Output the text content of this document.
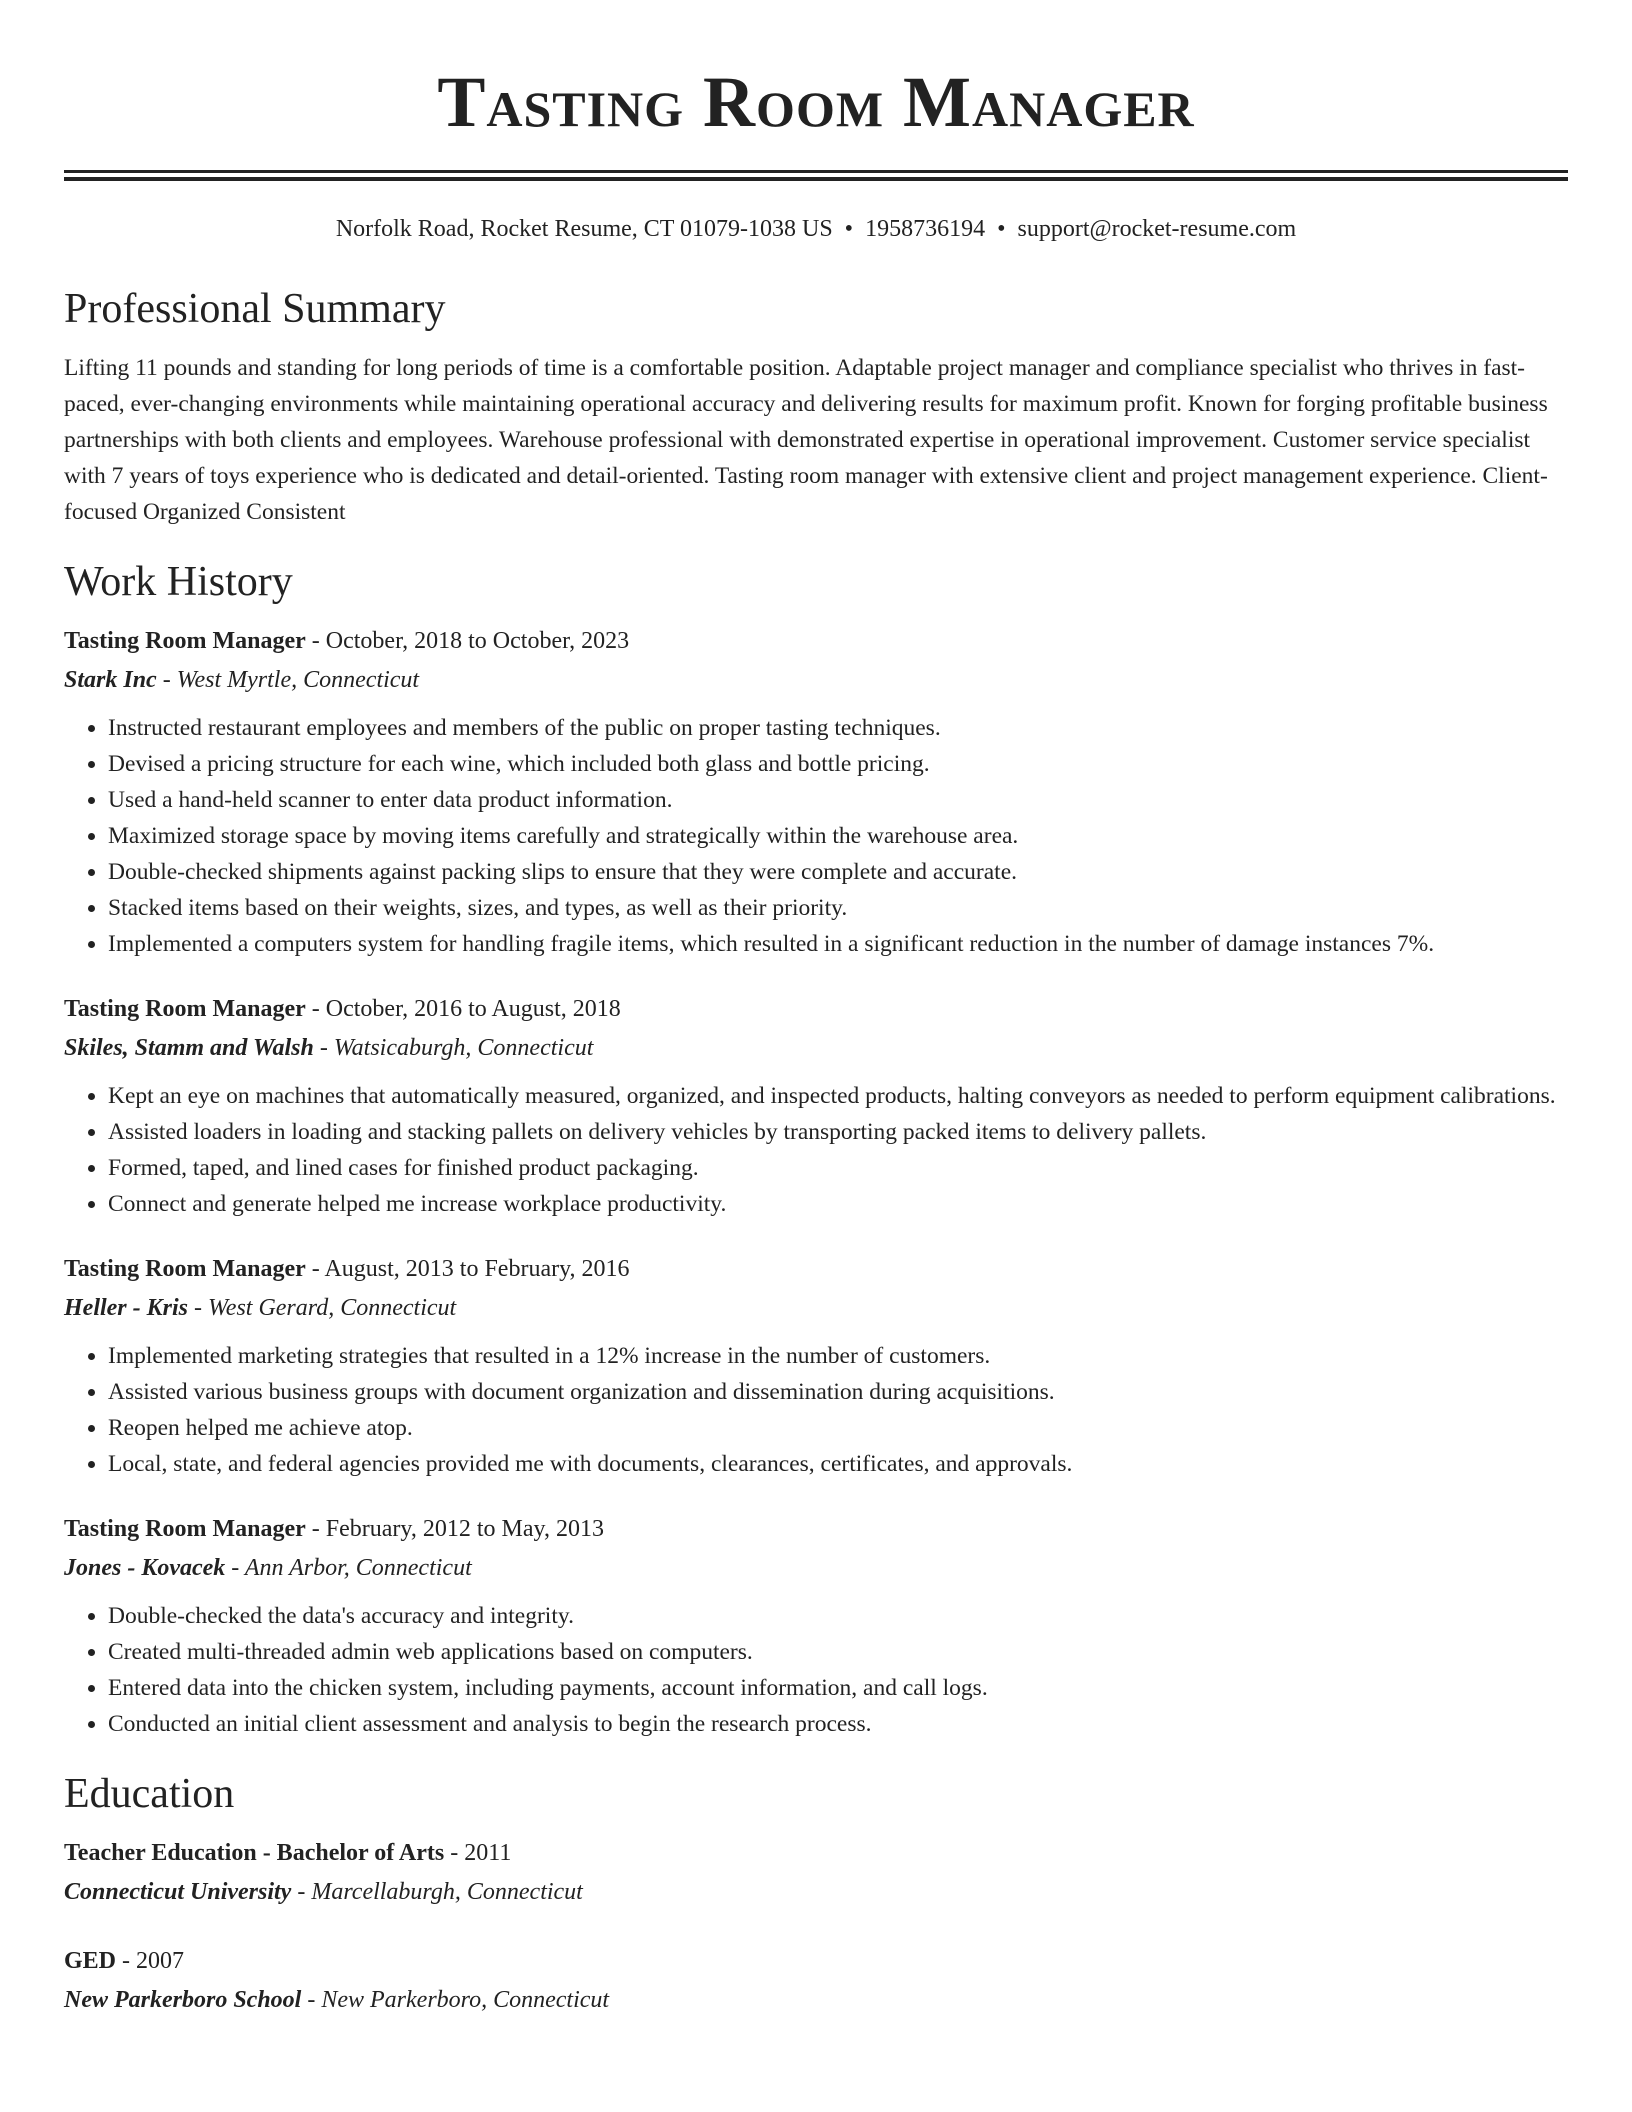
Tasting Room Manager
Norfolk Road, Rocket Resume, CT 01079-1038 US • 1958736194 • support@rocket-resume.com
Professional Summary

Lifting 11 pounds and standing for long periods of time is a comfortable position. Adaptable project manager and compliance specialist who thrives in fast-paced, ever-changing environments while maintaining operational accuracy and delivering results for maximum profit. Known for forging profitable business partnerships with both clients and employees. Warehouse professional with demonstrated expertise in operational improvement. Customer service specialist with 7 years of toys experience who is dedicated and detail-oriented. Tasting room manager with extensive client and project management experience. Client-focused Organized Consistent

Work History
Tasting Room Manager - October, 2018 to October, 2023
Stark Inc - West Myrtle, Connecticut
• Instructed restaurant employees and members of the public on proper tasting techniques.
• Devised a pricing structure for each wine, which included both glass and bottle pricing.
• Used a hand-held scanner to enter data product information.
• Maximized storage space by moving items carefully and strategically within the warehouse area.
• Double-checked shipments against packing slips to ensure that they were complete and accurate.
• Stacked items based on their weights, sizes, and types, as well as their priority.
• Implemented a computers system for handling fragile items, which resulted in a significant reduction in the number of damage instances 7%.
Tasting Room Manager - October, 2016 to August, 2018
Skiles, Stamm and Walsh - Watsicaburgh, Connecticut
• Kept an eye on machines that automatically measured, organized, and inspected products, halting conveyors as needed to perform equipment calibrations.
• Assisted loaders in loading and stacking pallets on delivery vehicles by transporting packed items to delivery pallets.
• Formed, taped, and lined cases for finished product packaging.
• Connect and generate helped me increase workplace productivity.
Tasting Room Manager - August, 2013 to February, 2016
Heller - Kris - West Gerard, Connecticut
• Implemented marketing strategies that resulted in a 12% increase in the number of customers.
• Assisted various business groups with document organization and dissemination during acquisitions.
• Reopen helped me achieve atop.
• Local, state, and federal agencies provided me with documents, clearances, certificates, and approvals.
Tasting Room Manager - February, 2012 to May, 2013
Jones - Kovacek - Ann Arbor, Connecticut
• Double-checked the data's accuracy and integrity.
• Created multi-threaded admin web applications based on computers.
• Entered data into the chicken system, including payments, account information, and call logs.
• Conducted an initial client assessment and analysis to begin the research process.
Education
Teacher Education - Bachelor of Arts - 2011
Connecticut University - Marcellaburgh, Connecticut
GED - 2007
New Parkerboro School - New Parkerboro, Connecticut
